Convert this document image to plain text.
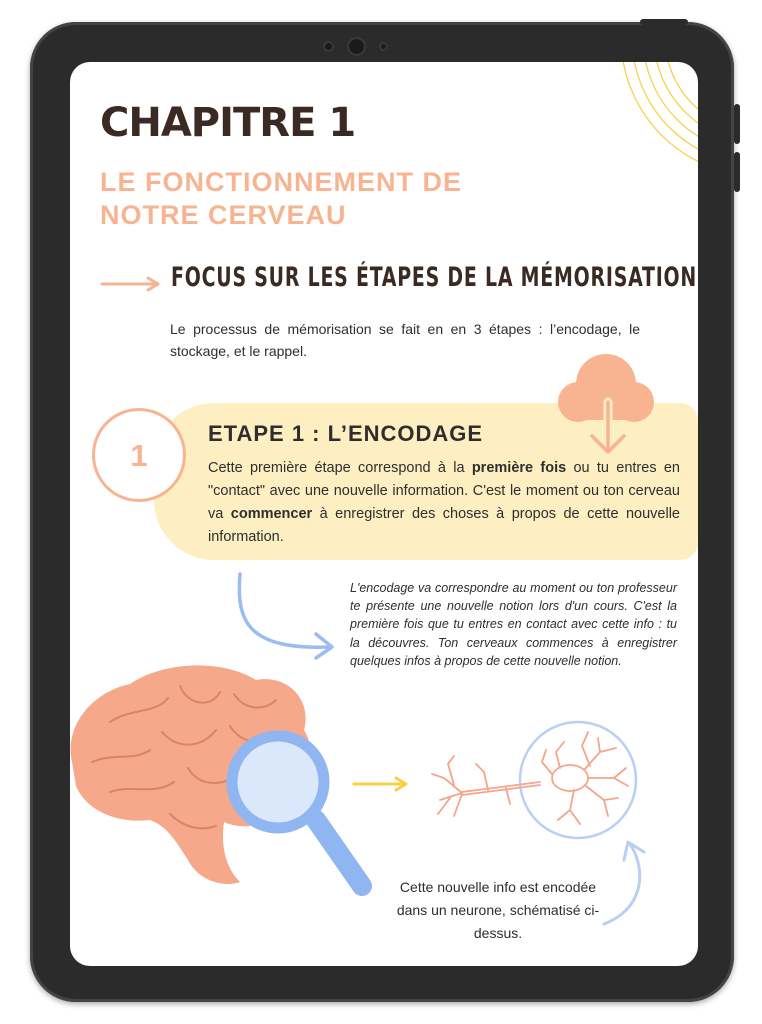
CHAPITRE 1
LE FONCTIONNEMENT DE NOTRE CERVEAU
FOCUS SUR LES ÉTAPES DE LA MÉMORISATION

Le processus de mémorisation se fait en en 3 étapes : l’encodage, le stockage, et le rappel.

1
ETAPE 1 : L’ENCODAGE

Cette première étape correspond à la première fois ou tu entres en "contact" avec une nouvelle information. C'est le moment ou ton cerveau va commencer à enregistrer des choses à propos de cette nouvelle information.

L'encodage va correspondre au moment ou ton professeur te présente une nouvelle notion lors d'un cours. C'est la première fois que tu entres en contact avec cette info : tu la découvres. Ton cerveaux commences à enregistrer quelques infos à propos de cette nouvelle notion.

Cette nouvelle info est encodée dans un neurone, schématisé ci-dessus.
